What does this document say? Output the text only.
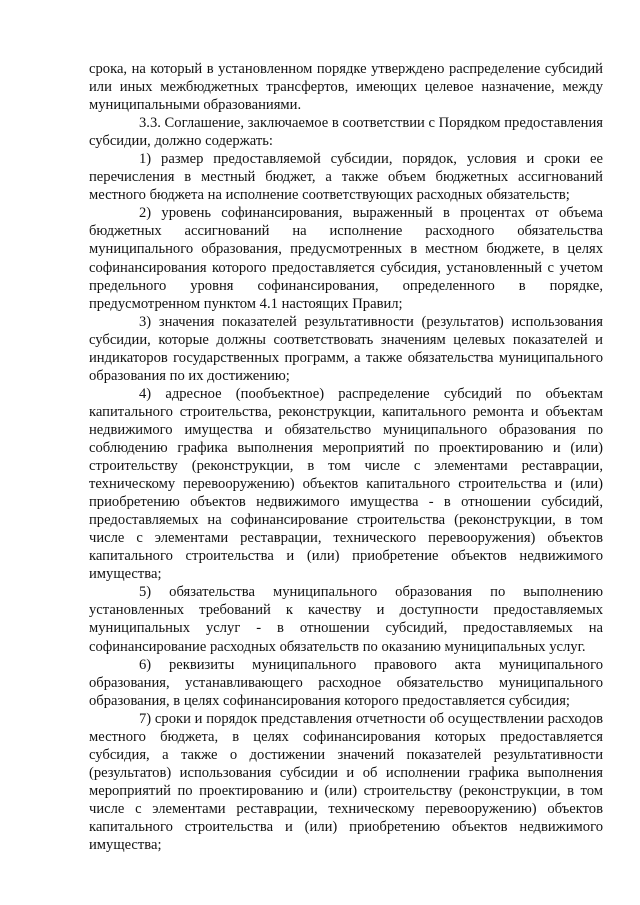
срока, на который в установленном порядке утверждено распределение субсидий или иных межбюджетных трансфертов, имеющих целевое назначение, между муниципальными образованиями.

3.3. Соглашение, заключаемое в соответствии с Порядком предоставления субсидии, должно содержать:

1) размер предоставляемой субсидии, порядок, условия и сроки ее перечисления в местный бюджет, а также объем бюджетных ассигнований местного бюджета на исполнение соответствующих расходных обязательств;

2) уровень софинансирования, выраженный в процентах от объема бюджетных ассигнований на исполнение расходного обязательства муниципального образования, предусмотренных в местном бюджете, в целях софинансирования которого предоставляется субсидия, установленный с учетом предельного уровня софинансирования, определенного в порядке, предусмотренном пунктом 4.1 настоящих Правил;

3) значения показателей результативности (результатов) использования субсидии, которые должны соответствовать значениям целевых показателей и индикаторов государственных программ, а также обязательства муниципального образования по их достижению;

4) адресное (пообъектное) распределение субсидий по объектам капитального строительства, реконструкции, капитального ремонта и объектам недвижимого имущества и обязательство муниципального образования по соблюдению графика выполнения мероприятий по проектированию и (или) строительству (реконструкции, в том числе с элементами реставрации, техническому перевооружению) объектов капитального строительства и (или) приобретению объектов недвижимого имущества - в отношении субсидий, предоставляемых на софинансирование строительства (реконструкции, в том числе с элементами реставрации, технического перевооружения) объектов капитального строительства и (или) приобретение объектов недвижимого имущества;

5) обязательства муниципального образования по выполнению установленных требований к качеству и доступности предоставляемых муниципальных услуг - в отношении субсидий, предоставляемых на софинансирование расходных обязательств по оказанию муниципальных услуг.

6) реквизиты муниципального правового акта муниципального образования, устанавливающего расходное обязательство муниципального образования, в целях софинансирования которого предоставляется субсидия;

7) сроки и порядок представления отчетности об осуществлении расходов местного бюджета, в целях софинансирования которых предоставляется субсидия, а также о достижении значений показателей результативности (результатов) использования субсидии и об исполнении графика выполнения мероприятий по проектированию и (или) строительству (реконструкции, в том числе с элементами реставрации, техническому перевооружению) объектов капитального строительства и (или) приобретению объектов недвижимого имущества;
